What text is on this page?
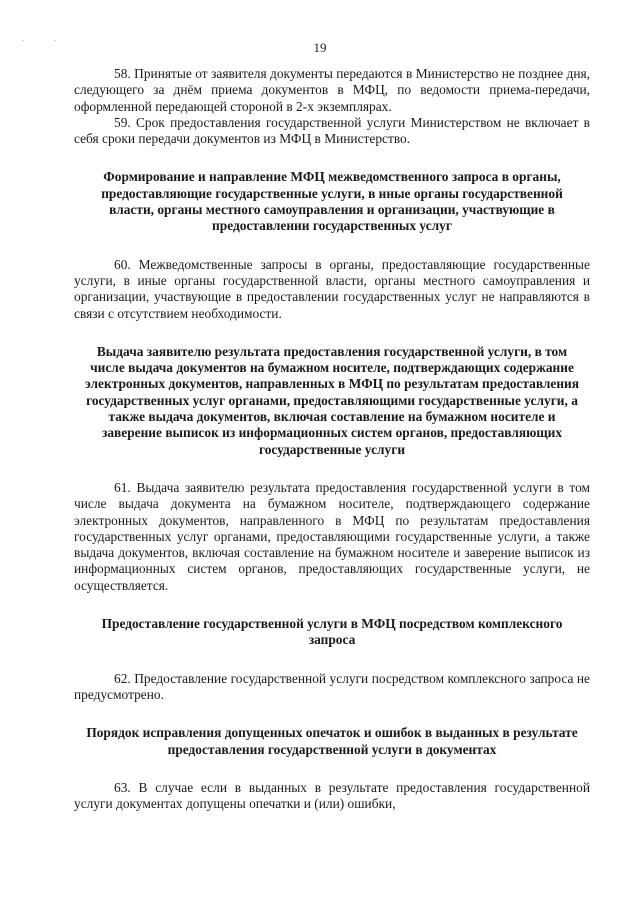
. .
19

58. Принятые от заявителя документы передаются в Министерство не позднее дня, следующего за днём приема документов в МФЦ, по ведомости приема-передачи, оформленной передающей стороной в 2-х экземплярах.

59. Срок предоставления государственной услуги Министерством не включает в себя сроки передачи документов из МФЦ в Министерство.

Формирование и направление МФЦ межведомственного запроса в органы, предоставляющие государственные услуги, в иные органы государственной власти, органы местного самоуправления и организации, участвующие в предоставлении государственных услуг

60. Межведомственные запросы в органы, предоставляющие государственные услуги, в иные органы государственной власти, органы местного самоуправления и организации, участвующие в предоставлении государственных услуг не направляются в связи с отсутствием необходимости.

Выдача заявителю результата предоставления государственной услуги, в том числе выдача документов на бумажном носителе, подтверждающих содержание электронных документов, направленных в МФЦ по результатам предоставления государственных услуг органами, предоставляющими государственные услуги, а также выдача документов, включая составление на бумажном носителе и заверение выписок из информационных систем органов, предоставляющих государственные услуги

61. Выдача заявителю результата предоставления государственной услуги в том числе выдача документа на бумажном носителе, подтверждающего содержание электронных документов, направленного в МФЦ по результатам предоставления государственных услуг органами, предоставляющими государственные услуги, а также выдача документов, включая составление на бумажном носителе и заверение выписок из информационных систем органов, предоставляющих государственные услуги, не осуществляется.

Предоставление государственной услуги в МФЦ посредством комплексного запроса

62. Предоставление государственной услуги посредством комплексного запроса не предусмотрено.

Порядок исправления допущенных опечаток и ошибок в выданных в результате предоставления государственной услуги в документах

63. В случае если в выданных в результате предоставления государственной услуги документах допущены опечатки и (или) ошибки,
